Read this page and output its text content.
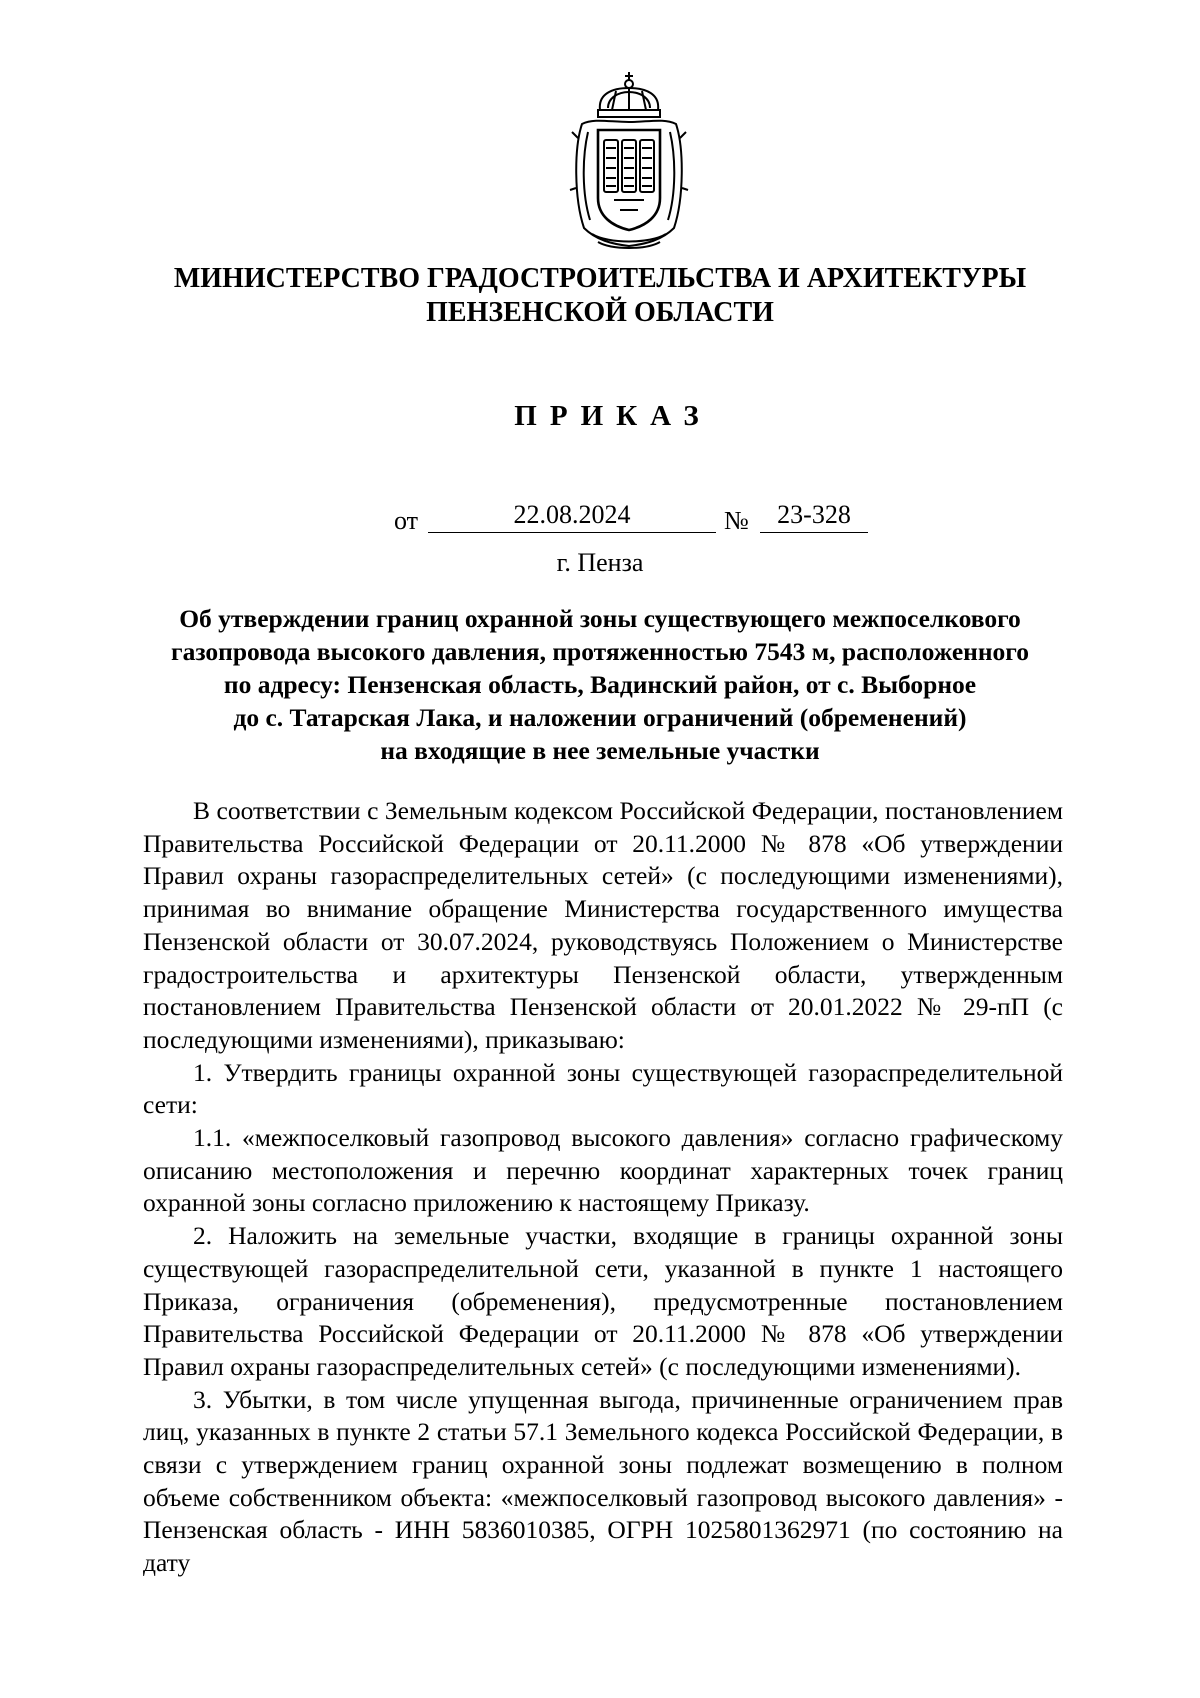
МИНИСТЕРСТВО ГРАДОСТРОИТЕЛЬСТВА И АРХИТЕКТУРЫ
ПЕНЗЕНСКОЙ ОБЛАСТИ
ПРИКАЗ
от	22.08.2024	№	23-328
г. Пенза
Об утверждении границ охранной зоны существующего межпоселкового
газопровода высокого давления, протяженностью 7543 м, расположенного
по адресу: Пензенская область, Вадинский район, от с. Выборное
до с. Татарская Лака, и наложении ограничений (обременений)
на входящие в нее земельные участки

В соответствии с Земельным кодексом Российской Федерации, постановлением Правительства Российской Федерации от 20.11.2000 № 878 «Об утверждении Правил охраны газораспределительных сетей» (с последующими изменениями), принимая во внимание обращение Министерства государственного имущества Пензенской области от 30.07.2024, руководствуясь Положением о Министерстве градостроительства и архитектуры Пензенской области, утвержденным постановлением Правительства Пензенской области от 20.01.2022 № 29-пП (с последующими изменениями), приказываю:

1. Утвердить границы охранной зоны существующей газораспределительной сети:

1.1. «межпоселковый газопровод высокого давления» согласно графическому описанию местоположения и перечню координат характерных точек границ охранной зоны согласно приложению к настоящему Приказу.

2. Наложить на земельные участки, входящие в границы охранной зоны существующей газораспределительной сети, указанной в пункте 1 настоящего Приказа, ограничения (обременения), предусмотренные постановлением Правительства Российской Федерации от 20.11.2000 № 878 «Об утверждении Правил охраны газораспределительных сетей» (с последующими изменениями).

3. Убытки, в том числе упущенная выгода, причиненные ограничением прав лиц, указанных в пункте 2 статьи 57.1 Земельного кодекса Российской Федерации, в связи с утверждением границ охранной зоны подлежат возмещению в полном объеме собственником объекта: «межпоселковый газопровод высокого давления» - Пензенская область - ИНН 5836010385, ОГРН 1025801362971 (по состоянию на дату
